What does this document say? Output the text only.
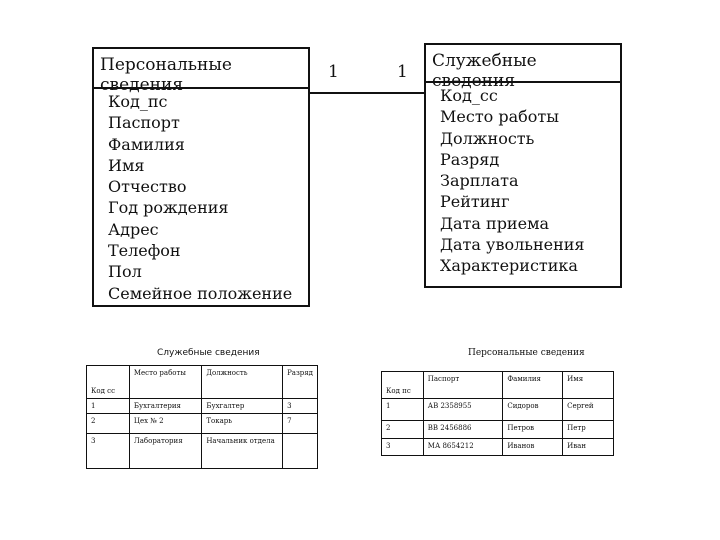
Персональные сведения
Код_пс
Паспорт
Фамилия
Имя
Отчество
Год рождения
Адрес
Телефон
Пол
Семейное положение
Служебные сведения
Код_сс
Место работы
Должность
Разряд
Зарплата
Рейтинг
Дата приема
Дата увольнения
Характеристика
1	1
Служебные сведения
Код сс	Место работы	Должность	Разряд
1	Бухгалтерия	Бухгалтер	3
2	Цех № 2	Токарь	7
3	Лаборатория	Начальник отдела	
Персональные сведения
Код пс	Паспорт	Фамилия	Имя
1	АВ 2358955	Сидоров	Сергей
2	ВВ 2456886	Петров	Петр
3	МА 8654212	Иванов	Иван
